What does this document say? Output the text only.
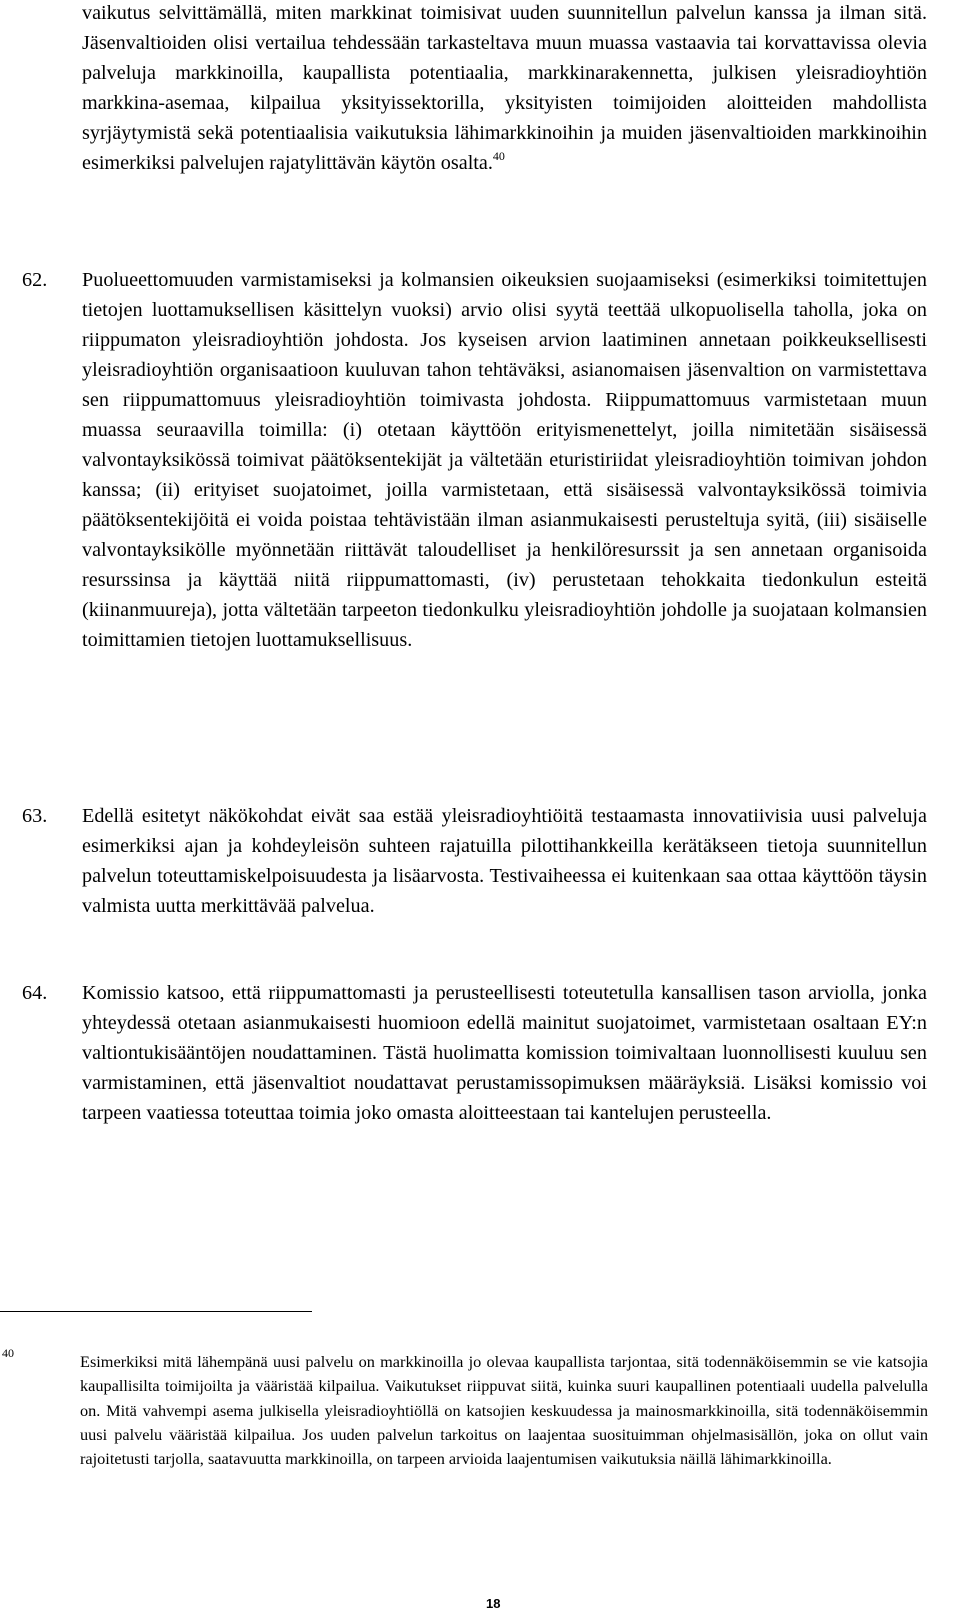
vaikutus selvittämällä, miten markkinat toimisivat uuden suunnitellun palvelun kanssa ja ilman sitä. Jäsenvaltioiden olisi vertailua tehdessään tarkasteltava muun muassa vastaavia tai korvattavissa olevia palveluja markkinoilla, kaupallista potentiaalia, markkinarakennetta, julkisen yleisradioyhtiön markkina-asemaa, kilpailua yksityissektorilla, yksityisten toimijoiden aloitteiden mahdollista syrjäytymistä sekä potentiaalisia vaikutuksia lähimarkkinoihin ja muiden jäsenvaltioiden markkinoihin esimerkiksi palvelujen rajatylittävän käytön osalta.$^{40}$

62. Puolueettomuuden varmistamiseksi ja kolmansien oikeuksien suojaamiseksi (esimerkiksi toimitettujen tietojen luottamuksellisen käsittelyn vuoksi) arvio olisi syytä teettää ulkopuolisella taholla, joka on riippumaton yleisradioyhtiön johdosta. Jos kyseisen arvion laatiminen annetaan poikkeuksellisesti yleisradioyhtiön organisaatioon kuuluvan tahon tehtäväksi, asianomaisen jäsenvaltion on varmistettava sen riippumattomuus yleisradioyhtiön toimivasta johdosta. Riippumattomuus varmistetaan muun muassa seuraavilla toimilla: (i) otetaan käyttöön erityismenettelyt, joilla nimitetään sisäisessä valvontayksikössä toimivat päätöksentekijät ja vältetään eturistiriidat yleisradioyhtiön toimivan johdon kanssa; (ii) erityiset suojatoimet, joilla varmistetaan, että sisäisessä valvontayksikössä toimivia päätöksentekijöitä ei voida poistaa tehtävistään ilman asianmukaisesti perusteltuja syitä, (iii) sisäiselle valvontayksikölle myönnetään riittävät taloudelliset ja henkilöresurssit ja sen annetaan organisoida resurssinsa ja käyttää niitä riippumattomasti, (iv) perustetaan tehokkaita tiedonkulun esteitä (kiinanmuureja), jotta vältetään tarpeeton tiedonkulku yleisradioyhtiön johdolle ja suojataan kolmansien toimittamien tietojen luottamuksellisuus.

63. Edellä esitetyt näkökohdat eivät saa estää yleisradioyhtiöitä testaamasta innovatiivisia uusi palveluja esimerkiksi ajan ja kohdeyleisön suhteen rajatuilla pilottihankkeilla kerätäkseen tietoja suunnitellun palvelun toteuttamiskelpoisuudesta ja lisäarvosta. Testivaiheessa ei kuitenkaan saa ottaa käyttöön täysin valmista uutta merkittävää palvelua.

64. Komissio katsoo, että riippumattomasti ja perusteellisesti toteutetulla kansallisen tason arviolla, jonka yhteydessä otetaan asianmukaisesti huomioon edellä mainitut suojatoimet, varmistetaan osaltaan EY:n valtiontukisääntöjen noudattaminen. Tästä huolimatta komission toimivaltaan luonnollisesti kuuluu sen varmistaminen, että jäsenvaltiot noudattavat perustamissopimuksen määräyksiä. Lisäksi komissio voi tarpeen vaatiessa toteuttaa toimia joko omasta aloitteestaan tai kantelujen perusteella.

40	Esimerkiksi mitä lähempänä uusi palvelu on markkinoilla jo olevaa kaupallista tarjontaa, sitä todennäköisemmin se vie katsojia kaupallisilta toimijoilta ja vääristää kilpailua. Vaikutukset riippuvat siitä, kuinka suuri kaupallinen potentiaali uudella palvelulla on. Mitä vahvempi asema julkisella yleisradioyhtiöllä on katsojien keskuudessa ja mainosmarkkinoilla, sitä todennäköisemmin uusi palvelu vääristää kilpailua. Jos uuden palvelun tarkoitus on laajentaa suosituimman ohjelmasisällön, joka on ollut vain rajoitetusti tarjolla, saatavuutta markkinoilla, on tarpeen arvioida laajentumisen vaikutuksia näillä lähimarkkinoilla.

18
